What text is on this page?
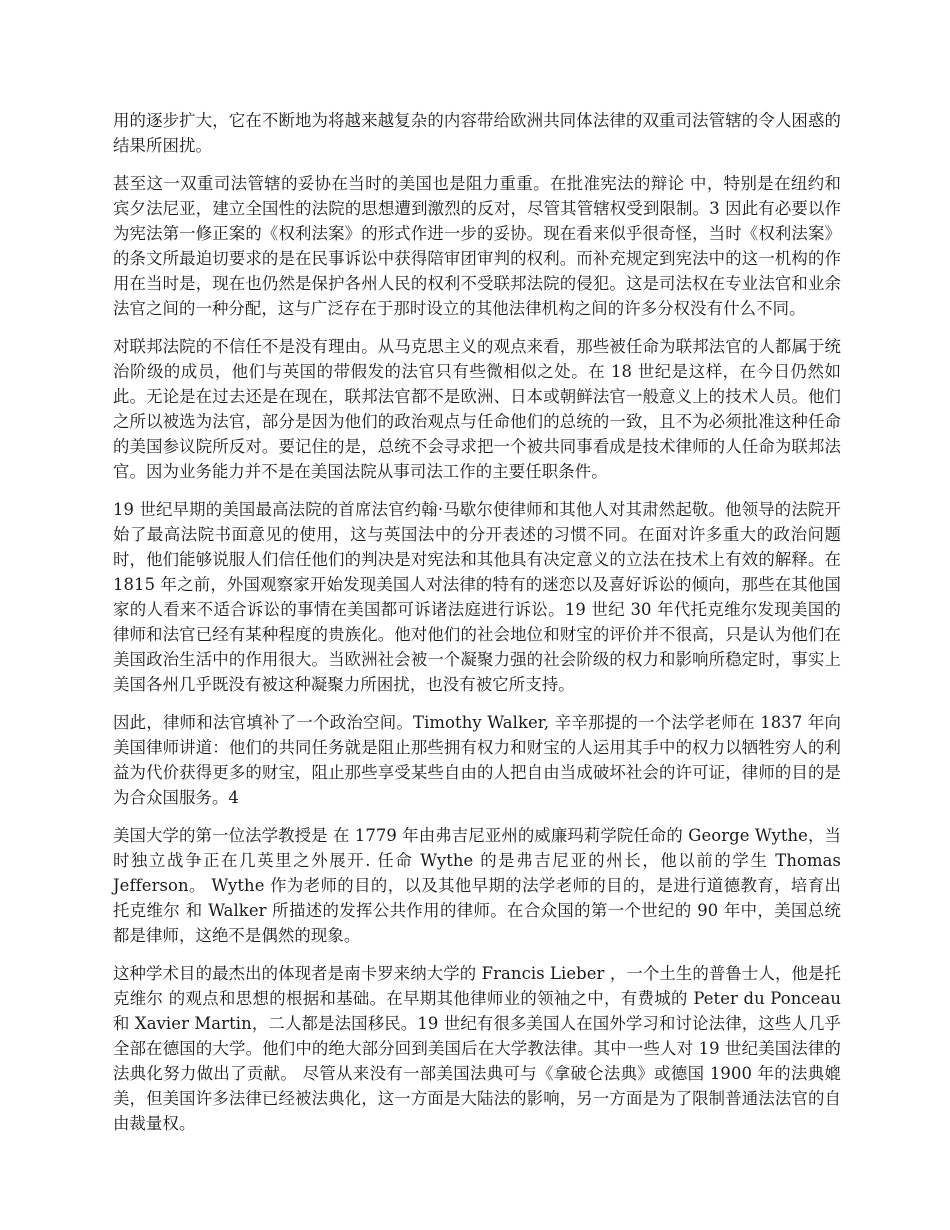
用的逐步扩大，它在不断地为将越来越复杂的内容带给欧洲共同体法律的双重司法管辖的令人困惑的结果所困扰。

甚至这一双重司法管辖的妥协在当时的美国也是阻力重重。在批准宪法的辩论 中，特别是在纽约和宾夕法尼亚，建立全国性的法院的思想遭到激烈的反对，尽管其管辖权受到限制。3 因此有必要以作为宪法第一修正案的《权利法案》的形式作进一步的妥协。现在看来似乎很奇怪，当时《权利法案》的条文所最迫切要求的是在民事诉讼中获得陪审团审判的权利。而补充规定到宪法中的这一机构的作用在当时是，现在也仍然是保护各州人民的权利不受联邦法院的侵犯。这是司法权在专业法官和业余法官之间的一种分配，这与广泛存在于那时设立的其他法律机构之间的许多分权没有什么不同。

对联邦法院的不信任不是没有理由。从马克思主义的观点来看，那些被任命为联邦法官的人都属于统治阶级的成员，他们与英国的带假发的法官只有些微相似之处。在 18 世纪是这样，在今日仍然如此。无论是在过去还是在现在，联邦法官都不是欧洲、日本或朝鲜法官一般意义上的技术人员。他们之所以被选为法官，部分是因为他们的政治观点与任命他们的总统的一致，且不为必须批准这种任命的美国参议院所反对。要记住的是，总统不会寻求把一个被共同事看成是技术律师的人任命为联邦法官。因为业务能力并不是在美国法院从事司法工作的主要任职条件。

19 世纪早期的美国最高法院的首席法官约翰·马歇尔使律师和其他人对其肃然起敬。他领导的法院开始了最高法院书面意见的使用，这与英国法中的分开表述的习惯不同。在面对许多重大的政治问题时，他们能够说服人们信任他们的判决是对宪法和其他具有决定意义的立法在技术上有效的解释。在 1815 年之前，外国观察家开始发现美国人对法律的特有的迷恋以及喜好诉讼的倾向，那些在其他国家的人看来不适合诉讼的事情在美国都可诉诸法庭进行诉讼。19 世纪 30 年代托克维尔发现美国的律师和法官已经有某种程度的贵族化。他对他们的社会地位和财宝的评价并不很高，只是认为他们在美国政治生活中的作用很大。当欧洲社会被一个凝聚力强的社会阶级的权力和影响所稳定时，事实上美国各州几乎既没有被这种凝聚力所困扰，也没有被它所支持。

因此，律师和法官填补了一个政治空间。Timothy Walker, 辛辛那提的一个法学老师在 1837 年向美国律师讲道：他们的共同任务就是阻止那些拥有权力和财宝的人运用其手中的权力以牺牲穷人的利益为代价获得更多的财宝，阻止那些享受某些自由的人把自由当成破坏社会的许可证，律师的目的是为合众国服务。4

美国大学的第一位法学教授是 在 1779 年由弗吉尼亚州的威廉玛莉学院任命的 George Wythe，当时独立战争正在几英里之外展开. 任命 Wythe 的是弗吉尼亚的州长，他以前的学生 Thomas Jefferson。 Wythe 作为老师的目的，以及其他早期的法学老师的目的，是进行道德教育，培育出托克维尔 和 Walker 所描述的发挥公共作用的律师。在合众国的第一个世纪的 90 年中，美国总统都是律师，这绝不是偶然的现象。

这种学术目的最杰出的体现者是南卡罗来纳大学的 Francis Lieber ，一个土生的普鲁士人，他是托克维尔 的观点和思想的根据和基础。在早期其他律师业的领袖之中，有费城的 Peter du Ponceau 和 Xavier Martin，二人都是法国移民。19 世纪有很多美国人在国外学习和讨论法律，这些人几乎全部在德国的大学。他们中的绝大部分回到美国后在大学教法律。其中一些人对 19 世纪美国法律的法典化努力做出了贡献。 尽管从来没有一部美国法典可与《拿破仑法典》或德国 1900 年的法典媲美，但美国许多法律已经被法典化，这一方面是大陆法的影响，另一方面是为了限制普通法法官的自由裁量权。
